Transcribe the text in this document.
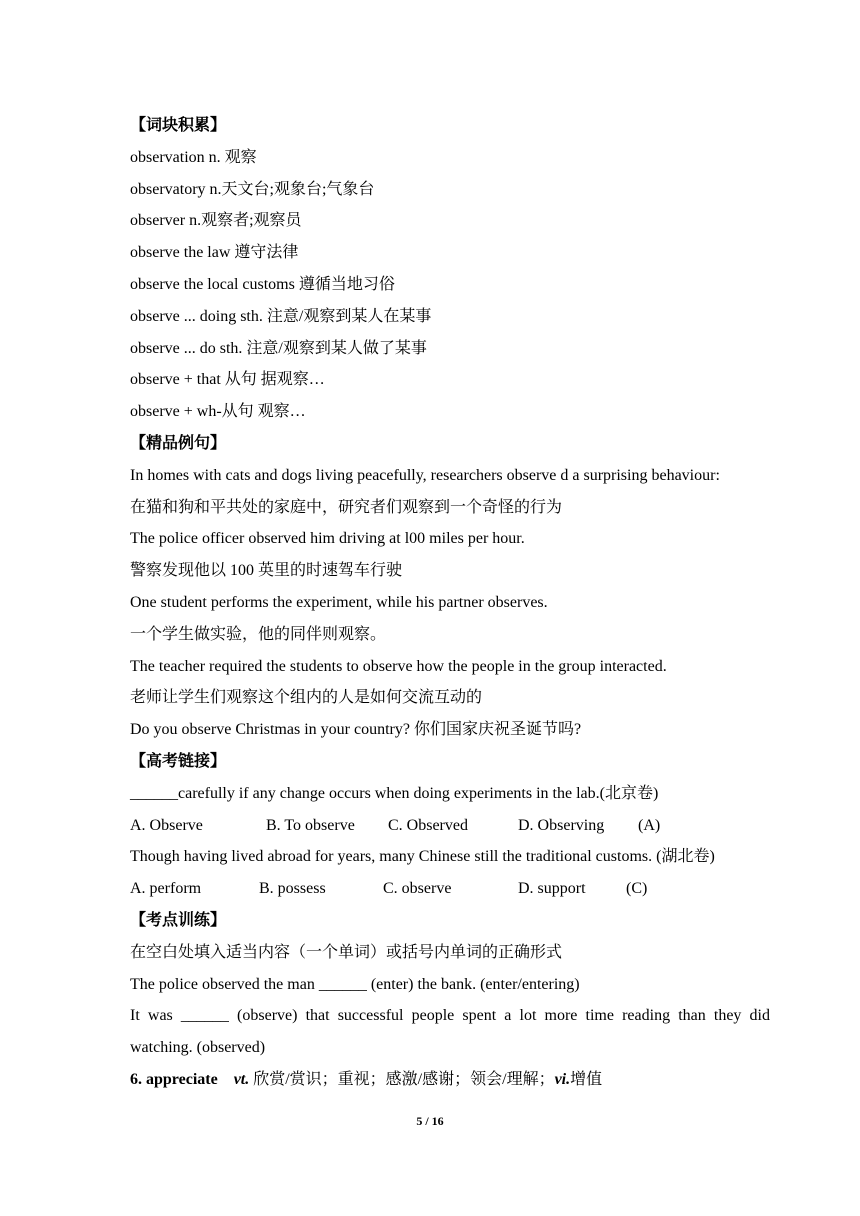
【词块积累】
observation n. 观察
observatory n.天文台;观象台;气象台
observer n.观察者;观察员
observe the law 遵守法律
observe the local customs 遵循当地习俗
observe ... doing sth. 注意/观察到某人在某事
observe ... do sth. 注意/观察到某人做了某事
observe + that 从句 据观察…
observe + wh-从句 观察…
【精品例句】
In homes with cats and dogs living peacefully, researchers observe d a surprising behaviour:
在猫和狗和平共处的家庭中，研究者们观察到一个奇怪的行为
The police officer observed him driving at l00 miles per hour.
警察发现他以 100 英里的时速驾车行驶
One student performs the experiment, while his partner observes.
一个学生做实验，他的同伴则观察。
The teacher required the students to observe how the people in the group interacted.
老师让学生们观察这个组内的人是如何交流互动的
Do you observe Christmas in your country? 你们国家庆祝圣诞节吗?
【高考链接】
______carefully if any change occurs when doing experiments in the lab.(北京卷)
A. Observe	B. To observe C. Observed	D. Observing (A)
Though having lived abroad for years, many Chinese still the traditional customs. (湖北卷)
A. perform	B. possess	C. observe	D. support	(C)
【考点训练】
在空白处填入适当内容（一个单词）或括号内单词的正确形式
The police observed the man ______ (enter) the bank. (enter/entering)
It was ______ (observe) that successful people spent a lot more time reading than they did
watching. (observed)
6. appreciate vt. 欣赏/赏识；重视；感激/感谢；领会/理解；vi.增值
5 / 16
